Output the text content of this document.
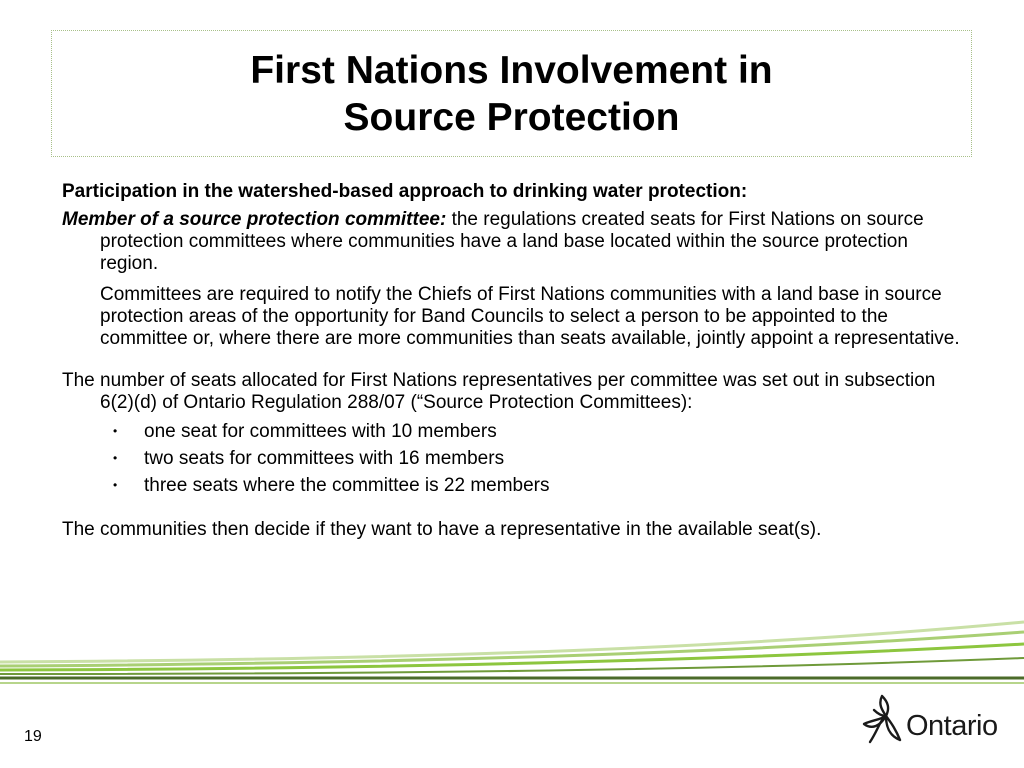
First Nations Involvement in
Source Protection

Participation in the watershed-based approach to drinking water protection:

Member of a source protection committee: the regulations created seats for First Nations on source protection committees where communities have a land base located within the source protection region.

Committees are required to notify the Chiefs of First Nations communities with a land base in source protection areas of the opportunity for Band Councils to select a person to be appointed to the committee or, where there are more communities than seats available, jointly appoint a representative.

The number of seats allocated for First Nations representatives per committee was set out in subsection 6(2)(d) of Ontario Regulation 288/07 (“Source Protection Committees):

• one seat for committees with 10 members
• two seats for committees with 16 members
• three seats where the committee is 22 members

The communities then decide if they want to have a representative in the available seat(s).

19	Ontario
